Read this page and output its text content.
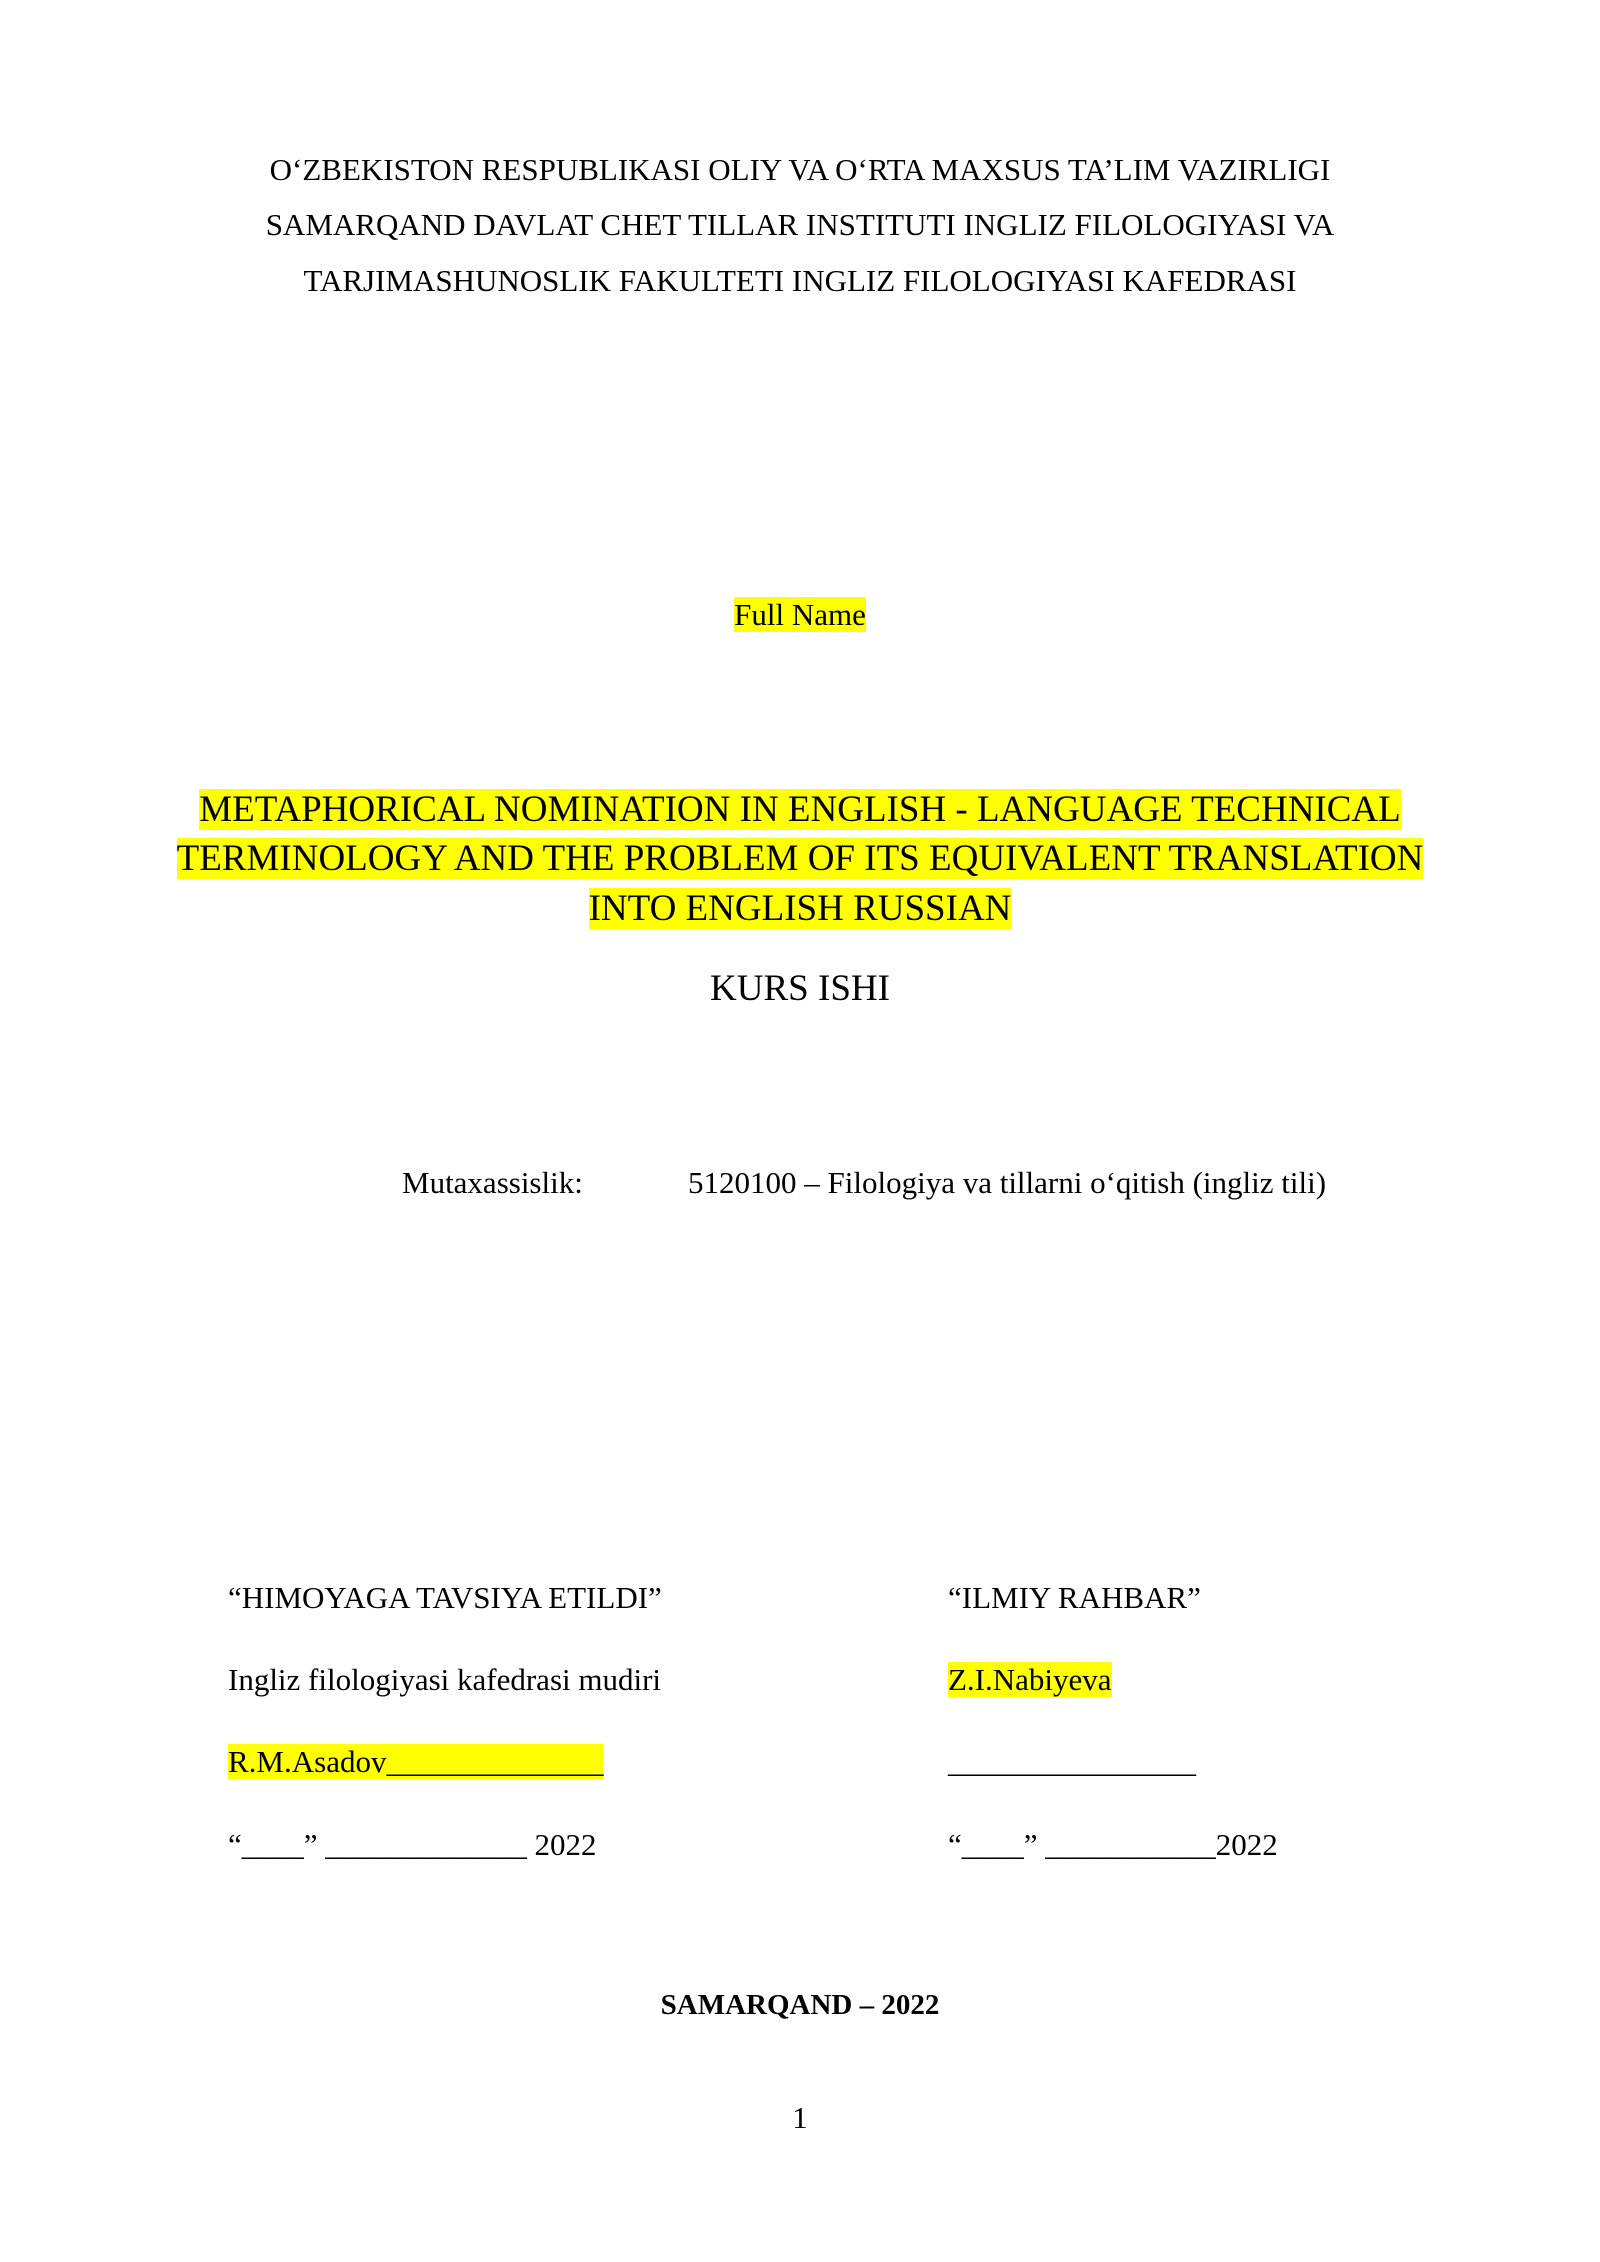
O‘ZBEKISTON RESPUBLIKASI OLIY VA O‘RTA MAXSUS TA’LIM VAZIRLIGI
SAMARQAND DAVLAT CHET TILLAR INSTITUTI INGLIZ FILOLOGIYASI VA
TARJIMASHUNOSLIK FAKULTETI INGLIZ FILOLOGIYASI KAFEDRASI
Full Name
METAPHORICAL NOMINATION IN ENGLISH - LANGUAGE TECHNICAL
TERMINOLOGY AND THE PROBLEM OF ITS EQUIVALENT TRANSLATION
INTO ENGLISH RUSSIAN
KURS ISHI
Mutaxassislik:	5120100 – Filologiya va tillarni o‘qitish (ingliz tili)
“HIMOYAGA TAVSIYA ETILDI”
Ingliz filologiyasi kafedrasi mudiri
R.M.Asadov______________
“____” _____________ 2022
“ILMIY RAHBAR”
Z.I.Nabiyeva
________________
“____” ___________2022
SAMARQAND – 2022
1
